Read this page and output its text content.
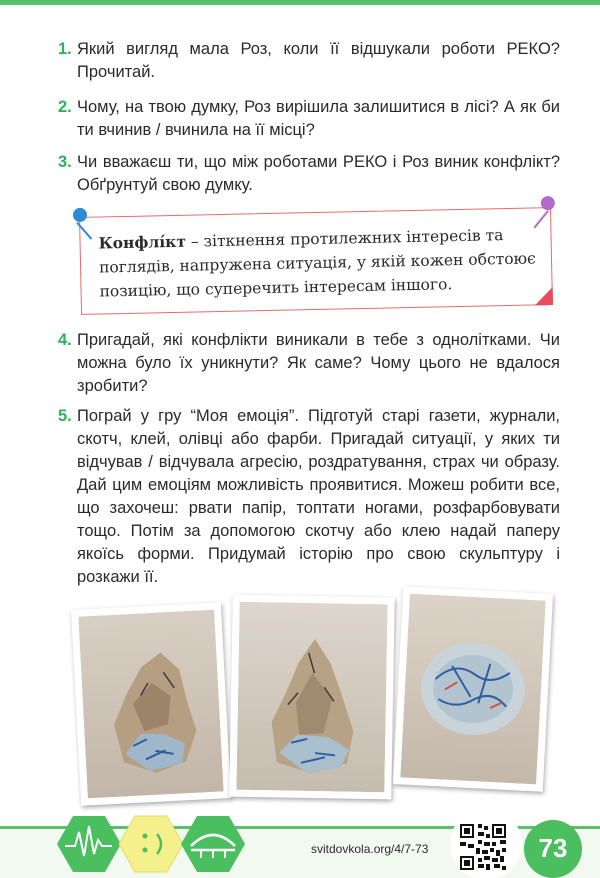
1. Який вигляд мала Роз, коли її відшукали роботи РЕКО? Прочитай.
2. Чому, на твою думку, Роз вирішила залишитися в лісі? А як би ти вчинив / вчинила на її місці?
3. Чи вважаєш ти, що між роботами РЕКО і Роз виник конфлікт? Обґрунтуй свою думку.
Конфлі́кт – зіткнення протилежних інтересів та поглядів, напружена ситуація, у якій кожен обстоює позицію, що суперечить інтересам іншого.
4. Пригадай, які конфлікти виникали в тебе з однолітками. Чи можна було їх уникнути? Як саме? Чому цього не вдалося зробити?
5. Пограй у гру “Моя емоція”. Підготуй старі газети, журнали, скотч, клей, олівці або фарби. Пригадай ситуації, у яких ти відчував / відчувала агресію, роздратування, страх чи образу. Дай цим емоціям можливість проявитися. Можеш робити все, що захочеш: рвати папір, топтати ногами, розфарбовувати тощо. Потім за допомогою скотчу або клею надай паперу якоїсь форми. Придумай історію про свою скульптуру і розкажи її.
svitdovkola.org/4/7-73	73
